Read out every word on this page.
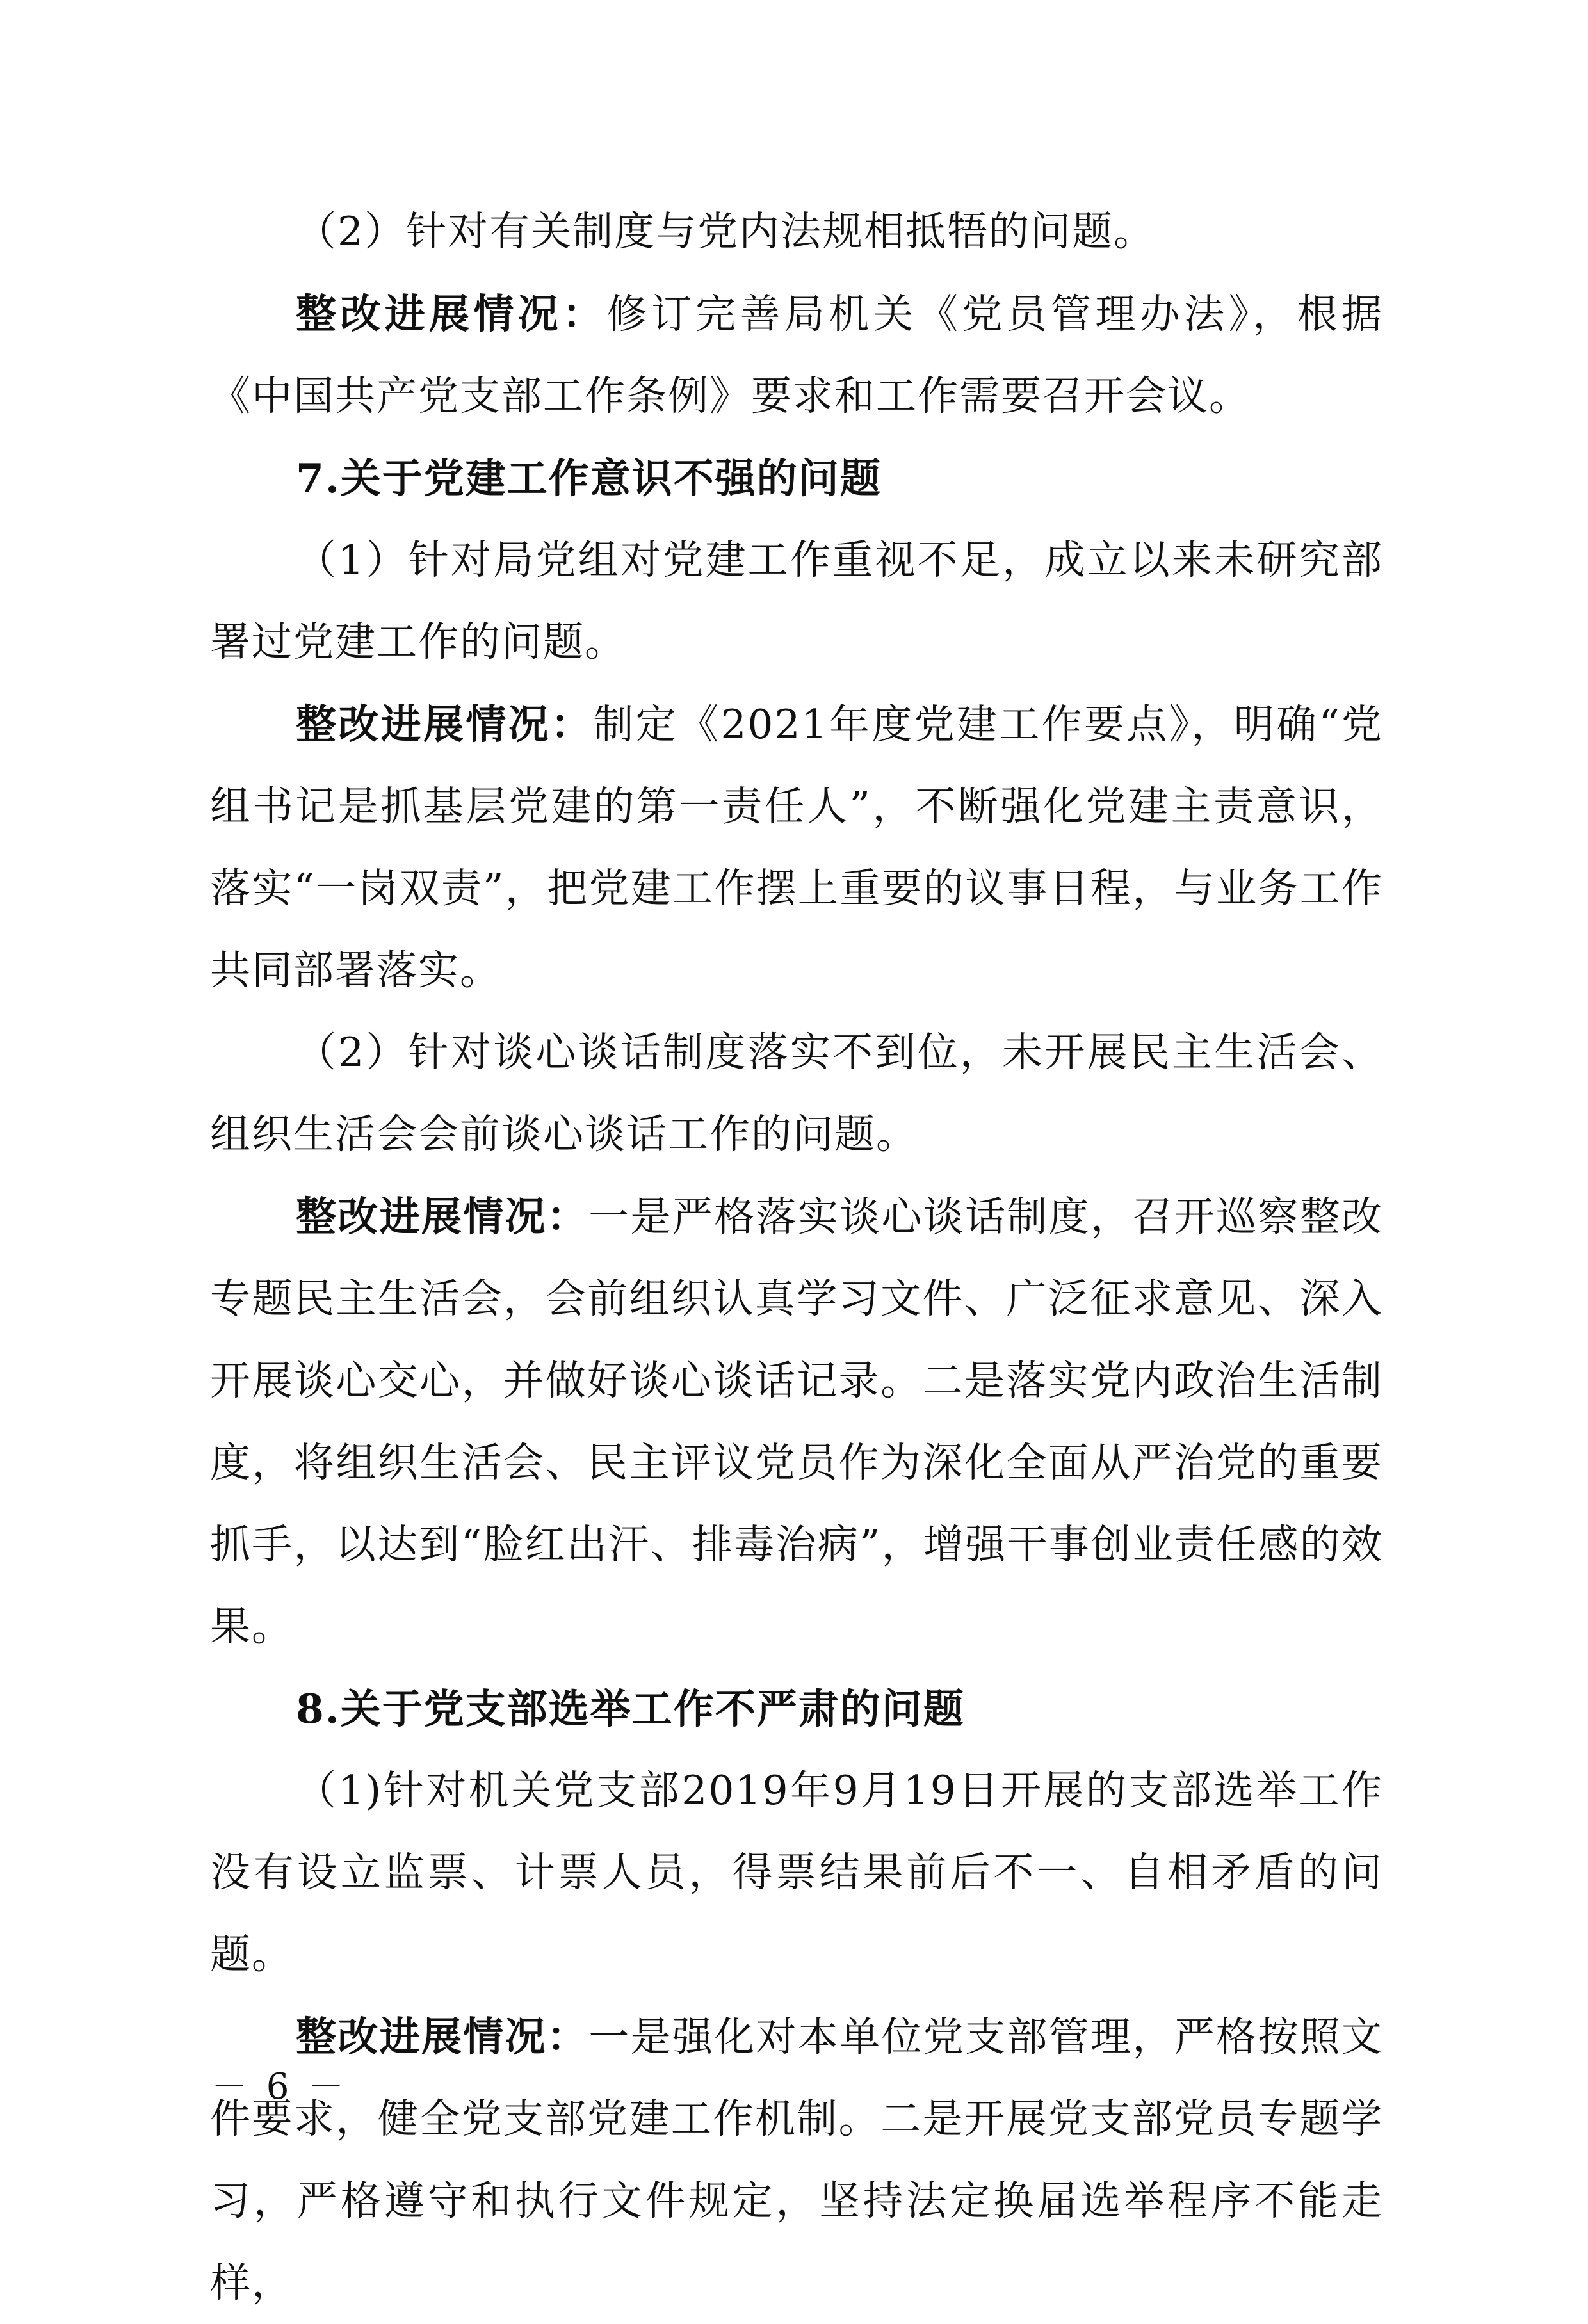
（2）针对有关制度与党内法规相抵牾的问题。

整改进展情况：修订完善局机关《党员管理办法》，根据《中国共产党支部工作条例》要求和工作需要召开会议。

7.关于党建工作意识不强的问题

（1）针对局党组对党建工作重视不足，成立以来未研究部署过党建工作的问题。

整改进展情况：制定《2021年度党建工作要点》，明确“党组书记是抓基层党建的第一责任人”，不断强化党建主责意识，落实“一岗双责”，把党建工作摆上重要的议事日程，与业务工作共同部署落实。

（2）针对谈心谈话制度落实不到位，未开展民主生活会、组织生活会会前谈心谈话工作的问题。

整改进展情况：一是严格落实谈心谈话制度，召开巡察整改专题民主生活会，会前组织认真学习文件、广泛征求意见、深入开展谈心交心，并做好谈心谈话记录。二是落实党内政治生活制度，将组织生活会、民主评议党员作为深化全面从严治党的重要抓手，以达到“脸红出汗、排毒治病”，增强干事创业责任感的效果。

8.关于党支部选举工作不严肃的问题

（1)针对机关党支部2019年9月19日开展的支部选举工作没有设立监票、计票人员，得票结果前后不一、自相矛盾的问题。

整改进展情况：一是强化对本单位党支部管理，严格按照文件要求，健全党支部党建工作机制。二是开展党支部党员专题学习，严格遵守和执行文件规定，坚持法定换届选举程序不能走样，

－ 6 －
